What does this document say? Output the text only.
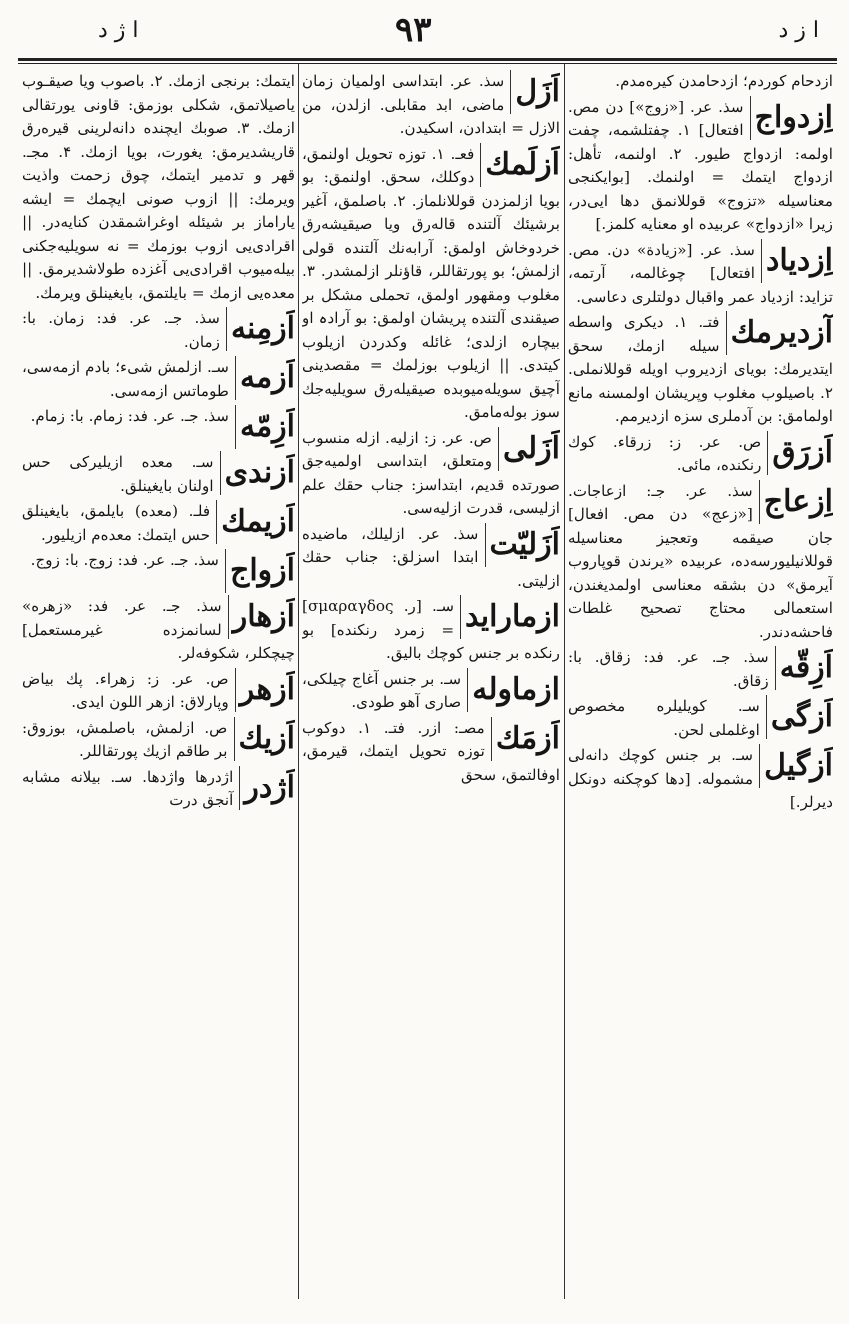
ا ز د
۹۳
ا ژ د
ازدحام کوردم؛ ازدحامدن کیره‌مدم.
اِزدواج
سذ. عر. [«زوج»] دن مص. افتعال] ۱. چفتلشمه، چفت اولمه: ازدواج طیور. ۲. اولنمه، تأهل: ازدواج ایتمك = اولنمك. [بوایکنجی معناسیله «تزوج» قوللانمق دها ایی‌در، زیرا «ازدواج» عربیده او معنایه کلمز.]
اِزدیاد
سذ. عر. [«زیادة» دن. مص. افتعال] چوغالمه، آرتمه، تزاید: ازدیاد عمر واقبال دولتلری دعاسی.
آزدیرمك
فتـ. ۱. دیکری واسطه سیله ازمك، سحق ایتدیرمك: بویای ازدیروب اویله قوللانملی. ۲. باصیلوب مغلوب وپریشان اولمسنه مانع اولمامق: بن آدملری سزه ازدیرمم.
اَزرَق
ص. عر. ز: زرقاء. کوك رنکنده، مائی.
اِزعاج
سذ. عر. جـ: ازعاجات. [«زعج» دن مص. افعال] جان صیقمه وتعجیز معناسیله قوللانیلیورسه‌ده، عربیده «یرندن قوپاروب آیرمق» دن بشقه معناسی اولمدیغندن، استعمالی محتاج تصحیح غلطات فاحشه‌دندر.
اَزِقّه
سذ. جـ. عر. فد: زقاق. با: زقاق.
اَزگی
سـ. کویلیلره مخصوص اوغلملی لحن.
اَزگیل
سـ. بر جنس کوچك دانه‌لی مشموله. [دها کوچکنه دونکل دیرلر.]
اَزَل
سذ. عر. ابتداسی اولمیان زمان ماضی، ابد مقابلی. ازلدن، من الازل = ابتدادن، اسکیدن.
اَزلَمك
فعـ. ۱. توزه تحویل اولنمق، دوکلك، سحق. اولنمق: بو بویا ازلمزدن قوللانلماز. ۲. باصلمق، آغیر برشیئك آلتنده قاله‌رق ویا صیقیشه‌رق خردوخاش اولمق: آرابه‌نك آلتنده قولی ازلمش؛ بو پورتقاللر، قاؤنلر ازلمشدر. ۳. مغلوب ومقهور اولمق، تحملی مشکل بر صیقندی آلتنده پریشان اولمق: بو آرادہ او بیچاره ازلدی؛ غائله وکدردن ازیلوب کیتدی. || ازیلوب بوزلمك = مقصدینی آچیق سویله‌میوبده صیقیله‌رق سویلیه‌جك سوز بوله‌مامق.
اَزَلی
ص. عر. ز: ازلیه. ازله منسوب ومتعلق، ابتداسی اولمیه‌جق صورتده قدیم، ابتداسز: جناب حقك علم ازلیسی، قدرت ازلیه‌سی.
اَزَلیّت
سذ. عر. ازلیلك، ماضیده ابتدا اسزلق: جناب حقك ازلیتی.
ازماراید
سـ. [ر. σμαραγδος] = زمرد رنکنده] بو رنکده بر جنس کوچك بالیق.
ازماوله
سـ. بر جنس آغاج چیلکی، صاری آهو طودی.
اَزمَك
مصـ: ازر. فتـ. ۱. دوکوب توزه تحویل ایتمك، قیرمق، اوفالتمق، سحق
ایتمك: برنجی ازمك. ۲. باصوب ویا صیقـوب یاصیلاتمق، شکلی بوزمق: قاونی یورتقالی ازمك. ۳. صوبك ایچنده دانه‌لرینی قیره‌رق قاریشدیرمق: یغورت، بویا ازمك. ۴. مجـ. قهر و تدمیر ایتمك، چوق زحمت واذیت ویرمك: || ازوب صونی ایچمك = ایشه یاراماز بر شیئله اوغراشمقدن کنایه‌در. || اقرادی‌یی ازوب بوزمك = نه سویلیه‌جکنی بیله‌میوب اقرادی‌یی آغزده طولاشدیرمق. || معده‌یی ازمك = بایلتمق، بایغینلق ویرمك.
اَزمِنه
سذ. جـ. عر. فد: زمان. با: زمان.
اَزمه
سـ. ازلمش شیء؛ بادم ازمه‌سی، طوماتس ازمه‌سی.
اَزِمّه
سذ. جـ. عر. فد: زمام. با: زمام.
اَزندی
سـ. معده ازیلیرکی حس اولنان بایغینلق.
اَزیمك
فلـ. (معده) بایلمق، بایغینلق حس ایتمك: معده‌م ازیلیور.
اَزواج
سذ. جـ. عر. فد: زوج. با: زوج.
اَزهار
سذ. جـ. عر. فد: «زهره» لسانمزده غیرمستعمل] چیچکلر، شکوفه‌لر.
اَزهر
ص. عر. ز: زهراء. پك بیاض وپارلاق: ازهر اللون ایدی.
اَزیك
ص. ازلمش، باصلمش، بوزوق: بر طاقم ازیك پورتقاللر.
اَژدر
اژدرها واژدها. سـ. بیلانه مشابه آنجق درت
